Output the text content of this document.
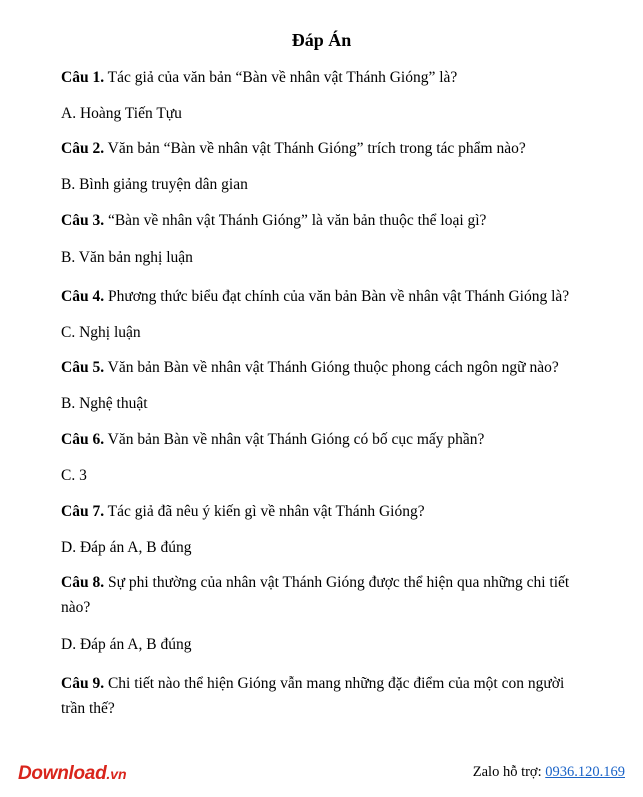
Đáp Án
Câu 1. Tác giả của văn bản “Bàn về nhân vật Thánh Gióng” là?
A. Hoàng Tiến Tựu
Câu 2. Văn bản “Bàn về nhân vật Thánh Gióng” trích trong tác phẩm nào?
B. Bình giảng truyện dân gian
Câu 3. “Bàn về nhân vật Thánh Gióng” là văn bản thuộc thể loại gì?
B. Văn bản nghị luận
Câu 4. Phương thức biểu đạt chính của văn bản Bàn về nhân vật Thánh Gióng là?
C. Nghị luận
Câu 5. Văn bản Bàn về nhân vật Thánh Gióng thuộc phong cách ngôn ngữ nào?
B. Nghệ thuật
Câu 6. Văn bản Bàn về nhân vật Thánh Gióng có bố cục mấy phần?
C. 3
Câu 7. Tác giả đã nêu ý kiến gì về nhân vật Thánh Gióng?
D. Đáp án A, B đúng
Câu 8. Sự phi thường của nhân vật Thánh Gióng được thể hiện qua những chi tiết
nào?
D. Đáp án A, B đúng
Câu 9. Chi tiết nào thể hiện Gióng vẫn mang những đặc điểm của một con người
trần thế?
Download.vn	Zalo hỗ trợ: 0936.120.169
